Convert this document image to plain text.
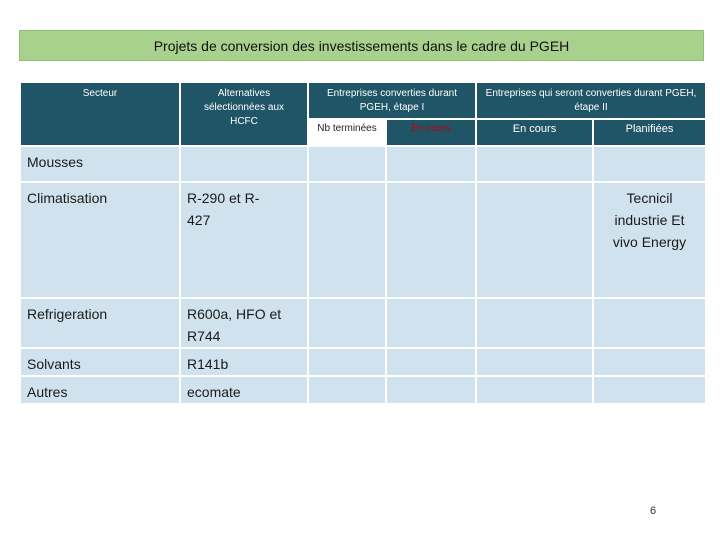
Projets de conversion des investissements dans le cadre du PGEH
Secteur	Alternatives sélectionnées aux HCFC	Entreprises converties durant PGEH, étape I		Entreprises qui seront converties durant PGEH, étape II	
		Nb terminées	En cours	En cours	Planifiées
Mousses					
Climatisation	R-290 et R-427				Tecnicil industrie Et vivo Energy
Refrigeration	R600a, HFO et R744				
Solvants	R141b				
Autres	ecomate				
6
